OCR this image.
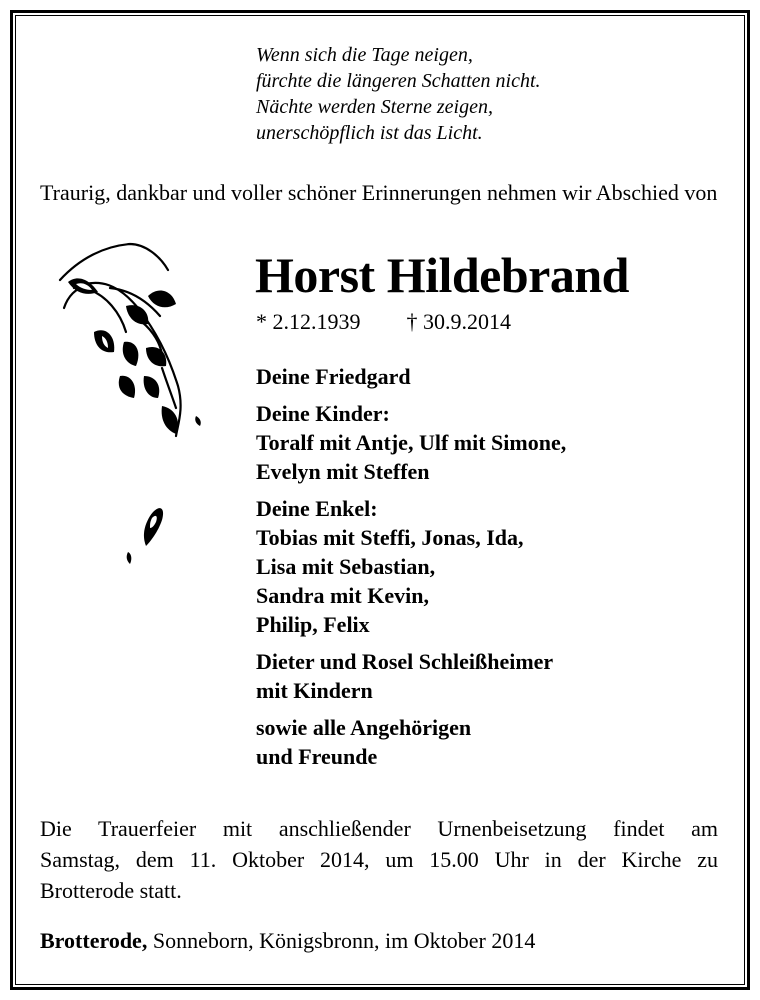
Wenn sich die Tage neigen,
fürchte die längeren Schatten nicht.
Nächte werden Sterne zeigen,
unerschöpflich ist das Licht.
Traurig, dankbar und voller schöner Erinnerungen nehmen wir Abschied von
Horst Hildebrand
* 2.12.1939 † 30.9.2014
Deine Friedgard
Deine Kinder:
Toralf mit Antje, Ulf mit Simone,
Evelyn mit Steffen
Deine Enkel:
Tobias mit Steffi, Jonas, Ida,
Lisa mit Sebastian,
Sandra mit Kevin,
Philip, Felix
Dieter und Rosel Schleißheimer
mit Kindern
sowie alle Angehörigen
und Freunde
Die Trauerfeier mit anschließender Urnenbeisetzung findet am
Samstag, dem 11. Oktober 2014, um 15.00 Uhr in der Kirche zu
Brotterode statt.
Brotterode, Sonneborn, Königsbronn, im Oktober 2014
